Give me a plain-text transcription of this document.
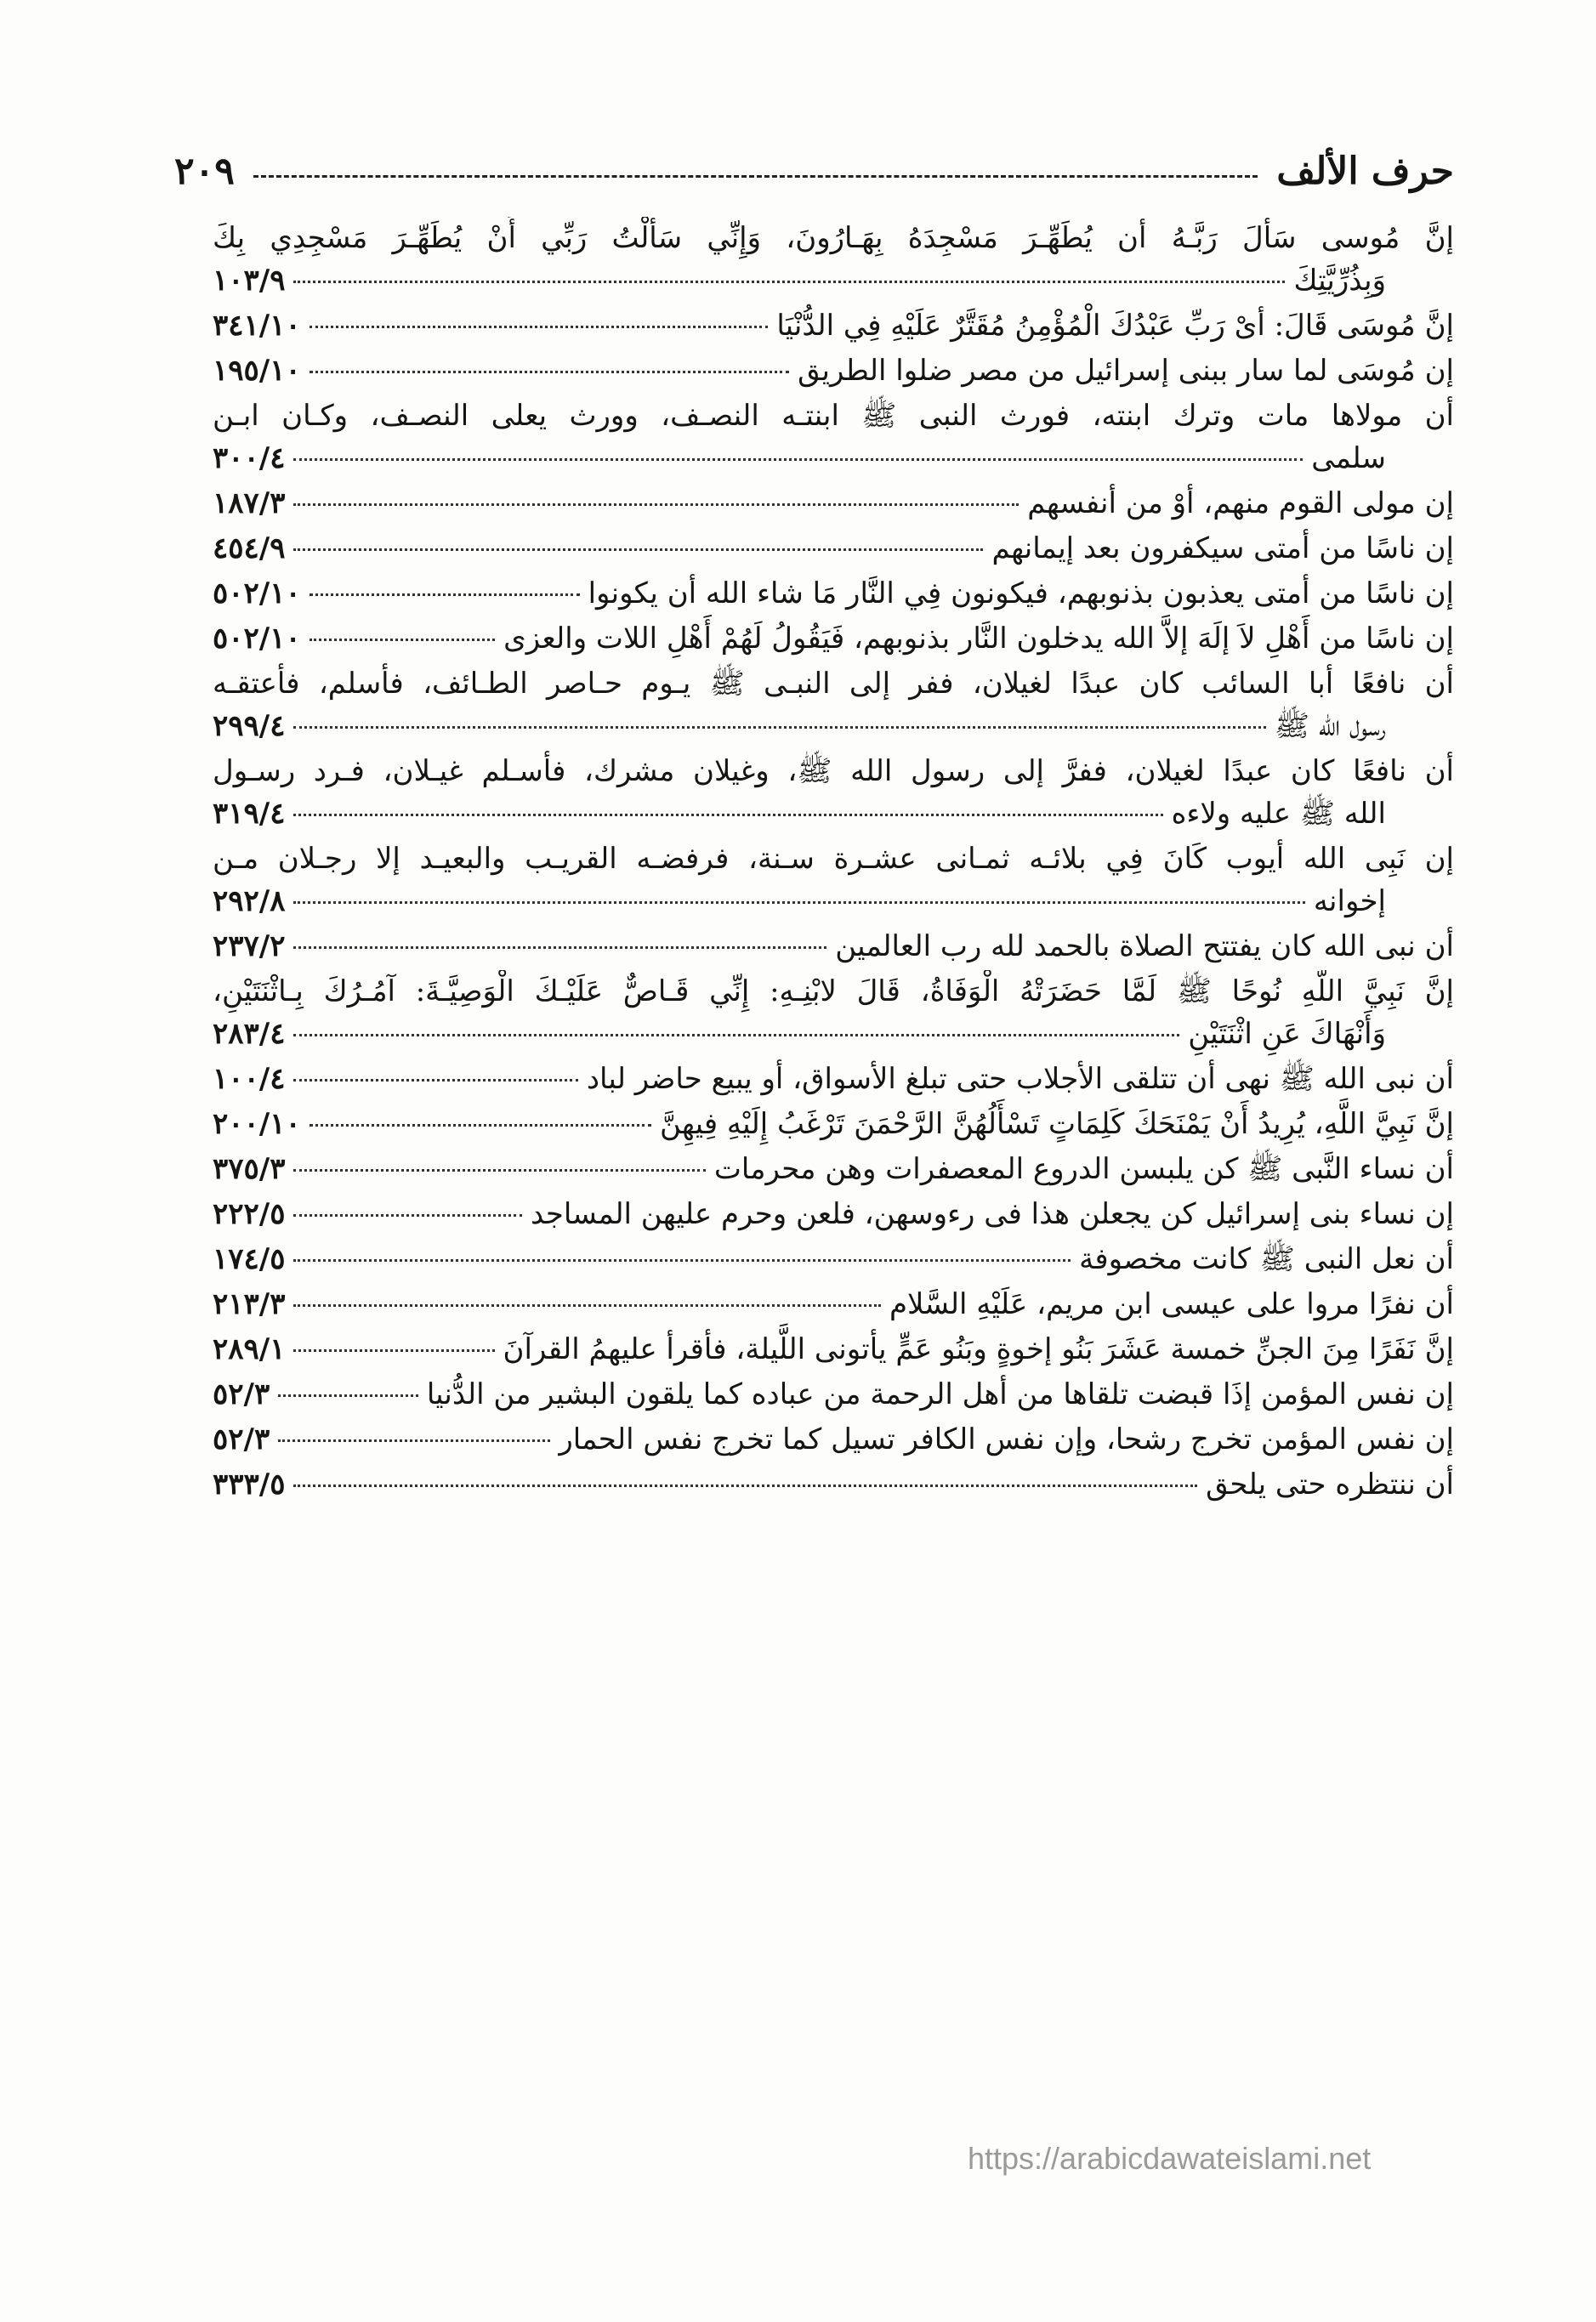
حرف الألف
٢٠٩
إنَّ مُوسى سَأَلَ رَبَّـهُ أن يُطَهِّـرَ مَسْجِدَهُ بِهَـارُونَ، وَإِنِّي سَأَلْتُ رَبِّي أَنْ يُطَهِّـرَ مَسْجِدِي بِكَ
وَبِذُرِّيَّتِكَ
١٠٣/٩
إنَّ مُوسَى قَالَ: أىْ رَبِّ عَبْدُكَ الْمُؤْمِنُ مُقَتَّرٌ عَلَيْهِ فِي الدُّنْيَا
٣٤١/١٠
إن مُوسَى لما سار ببنى إسرائيل من مصر ضلوا الطريق
١٩٥/١٠
أن مولاها مات وترك ابنته، فورث النبى ﷺ ابنتـه النصـف، وورث يعلى النصـف، وكـان ابـن
سلمى
٣٠٠/٤
إن مولى القوم منهم، أوْ من أنفسهم
١٨٧/٣
إن ناسًا من أمتى سيكفرون بعد إيمانهم
٤٥٤/٩
إن ناسًا من أمتى يعذبون بذنوبهم، فيكونون فِي النَّار مَا شاء الله أن يكونوا
٥٠٢/١٠
إن ناسًا من أَهْلِ لاَ إلَهَ إلاَّ الله يدخلون النَّار بذنوبهم، فَيَقُولُ لَهُمْ أَهْلِ اللات والعزى
٥٠٢/١٠
أن نافعًا أبا السائب كان عبدًا لغيلان، ففر إلى النبـى ﷺ يـوم حـاصر الطـائف، فأسلم، فأعتقـه
رسول الله ﷺ
٢٩٩/٤
أن نافعًا كان عبدًا لغيلان، ففرَّ إلى رسول الله ﷺ، وغيلان مشرك، فأسـلم غيـلان، فـرد رسـول
الله ﷺ عليه ولاءه
٣١٩/٤
إن نَبِى الله أيوب كَانَ فِي بلائـه ثمـانى عشـرة سـنة، فرفضـه القريـب والبعيـد إلا رجـلان مـن
إخوانه
٢٩٢/٨
أن نبى الله كان يفتتح الصلاة بالحمد لله رب العالمين
٢٣٧/٢
إنَّ نَبِيَّ اللَّهِ نُوحًا ﷺ لَمَّا حَضَرَتْهُ الْوَفَاةُ، قَالَ لابْنِـهِ: إِنِّي قَـاصٌّ عَلَيْـكَ الْوَصِيَّـةَ: آمُـرُكَ بِـاثْنَتَيْنِ،
وَأَنْهَاكَ عَنِ اثْنَتَيْنِ
٢٨٣/٤
أن نبى الله ﷺ نهى أن تتلقى الأجلاب حتى تبلغ الأسواق، أو يبيع حاضر لباد
١٠٠/٤
إنَّ نَبِيَّ اللَّهِ، يُرِيدُ أَنْ يَمْنَحَكَ كَلِمَاتٍ تَسْأَلُهُنَّ الرَّحْمَنَ تَرْغَبُ إِلَيْهِ فِيهِنَّ
٢٠٠/١٠
أن نساء النَّبى ﷺ كن يلبسن الدروع المعصفرات وهن محرمات
٣٧٥/٣
إن نساء بنى إسرائيل كن يجعلن هذا فى رءوسهن، فلعن وحرم عليهن المساجد
٢٢٢/٥
أن نعل النبى ﷺ كانت مخصوفة
١٧٤/٥
أن نفرًا مروا على عيسى ابن مريم، عَلَيْهِ السَّلام
٢١٣/٣
إنَّ نَفَرًا مِنَ الجنِّ خمسة عَشَرَ بَنُو إخوةٍ وبَنُو عَمٍّ يأتونى اللَّيلة، فأقرأ عليهمُ القرآنَ
٢٨٩/١
إن نفس المؤمن إذَا قبضت تلقاها من أهل الرحمة من عباده كما يلقون البشير من الدُّنيا
٥٢/٣
إن نفس المؤمن تخرج رشحا، وإن نفس الكافر تسيل كما تخرج نفس الحمار
٥٢/٣
أن ننتظره حتى يلحق
٣٣٣/٥
https://arabicdawateislami.net
